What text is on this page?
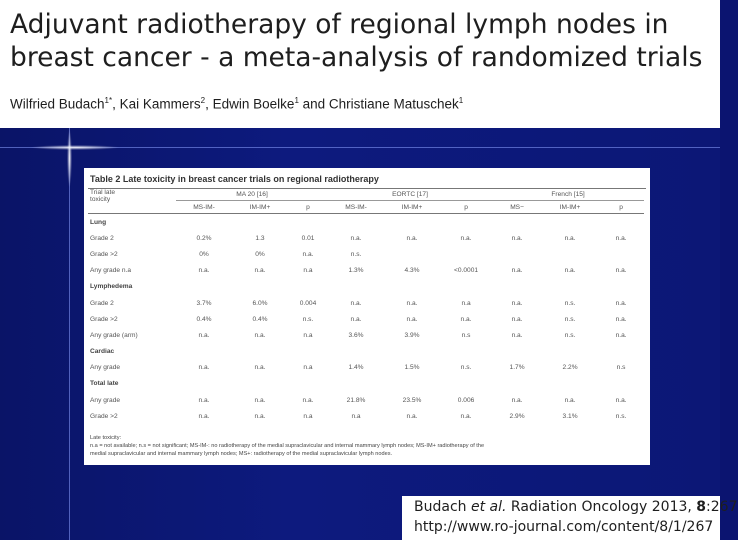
Adjuvant radiotherapy of regional lymph nodes in
breast cancer - a meta-analysis of randomized trials
Wilfried Budach$^{1*}$, Kai Kammers$^2$, Edwin Boelke$^1$ and Christiane Matuschek$^1$
Table 2 Late toxicity in breast cancer trials on regional radiotherapy
Trial late
toxicity	MA 20 [16]			EORTC [17]			French [15]		
	MS-IM-	IM-IM+	p	MS-IM-	IM-IM+	p	MS−	IM-IM+	p
Lung									
Grade 2	0.2%	1.3	0.01	n.a.	n.a.	n.a.	n.a.	n.a.	n.a.
Grade >2	0%	0%	n.a.	n.s.					
Any grade n.a	n.a.	n.a.	n.a	1.3%	4.3%	<0.0001	n.a.	n.a.	n.a.
Lymphedema									
Grade 2	3.7%	6.0%	0.004	n.a.	n.a.	n.a	n.a.	n.s.	n.a.
Grade >2	0.4%	0.4%	n.s.	n.a.	n.a.	n.a.	n.a.	n.s.	n.a.
Any grade (arm)	n.a.	n.a.	n.a	3.6%	3.9%	n.s	n.a.	n.s.	n.a.
Cardiac									
Any grade	n.a.	n.a.	n.a	1.4%	1.5%	n.s.	1.7%	2.2%	n.s
Total late									
Any grade	n.a.	n.a.	n.a.	21.8%	23.5%	0.006	n.a.	n.a.	n.a.
Grade >2	n.a.	n.a.	n.a	n.a	n.a.	n.a.	2.9%	3.1%	n.s.
Late toxicity:
n.a = not available; n.s = not significant; MS-IM-: no radiotherapy of the medial supraclavicular and internal mammary lymph nodes; MS-IM+ radiotherapy of the
medial supraclavicular and internal mammary lymph nodes; MS+: radiotherapy of the medial supraclavicular lymph nodes.
Budach et al. Radiation Oncology 2013, 8:267
http://www.ro-journal.com/content/8/1/267
